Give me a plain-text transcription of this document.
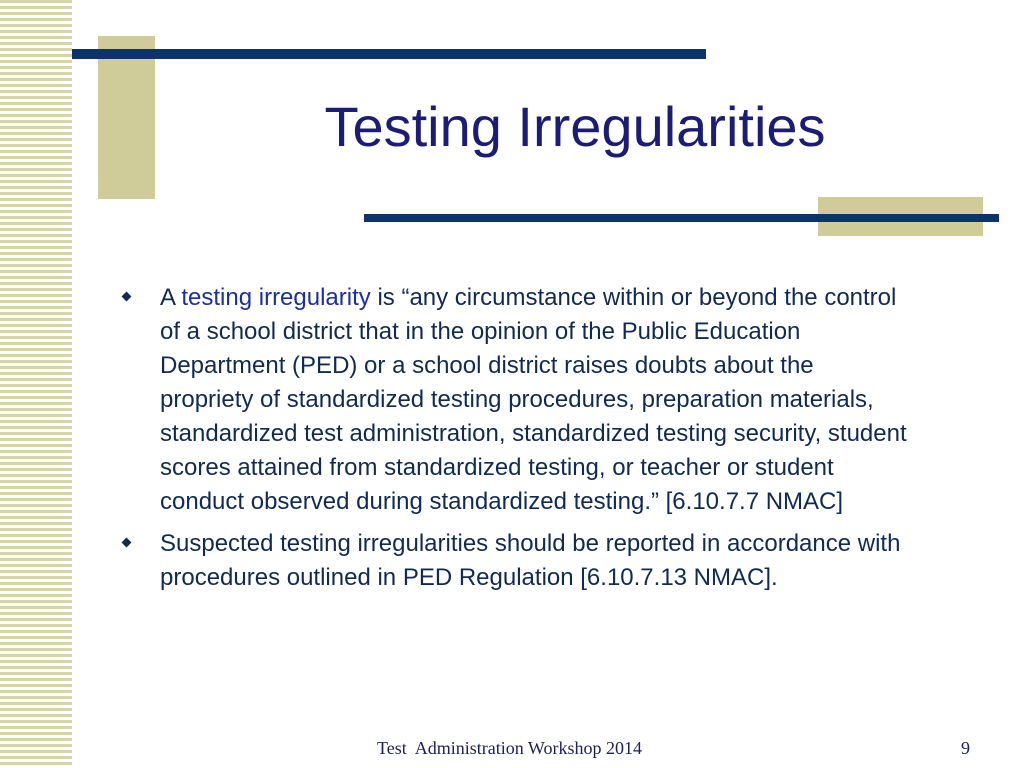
Testing Irregularities
A testing irregularity is “any circumstance within or beyond the control of a school district that in the opinion of the Public Education Department (PED) or a school district raises doubts about the propriety of standardized testing procedures, preparation materials, standardized test administration, standardized testing security, student scores attained from standardized testing, or teacher or student conduct observed during standardized testing.” [6.10.7.7 NMAC]
Suspected testing irregularities should be reported in accordance with procedures outlined in PED Regulation [6.10.7.13 NMAC].
Test  Administration Workshop 2014	9
